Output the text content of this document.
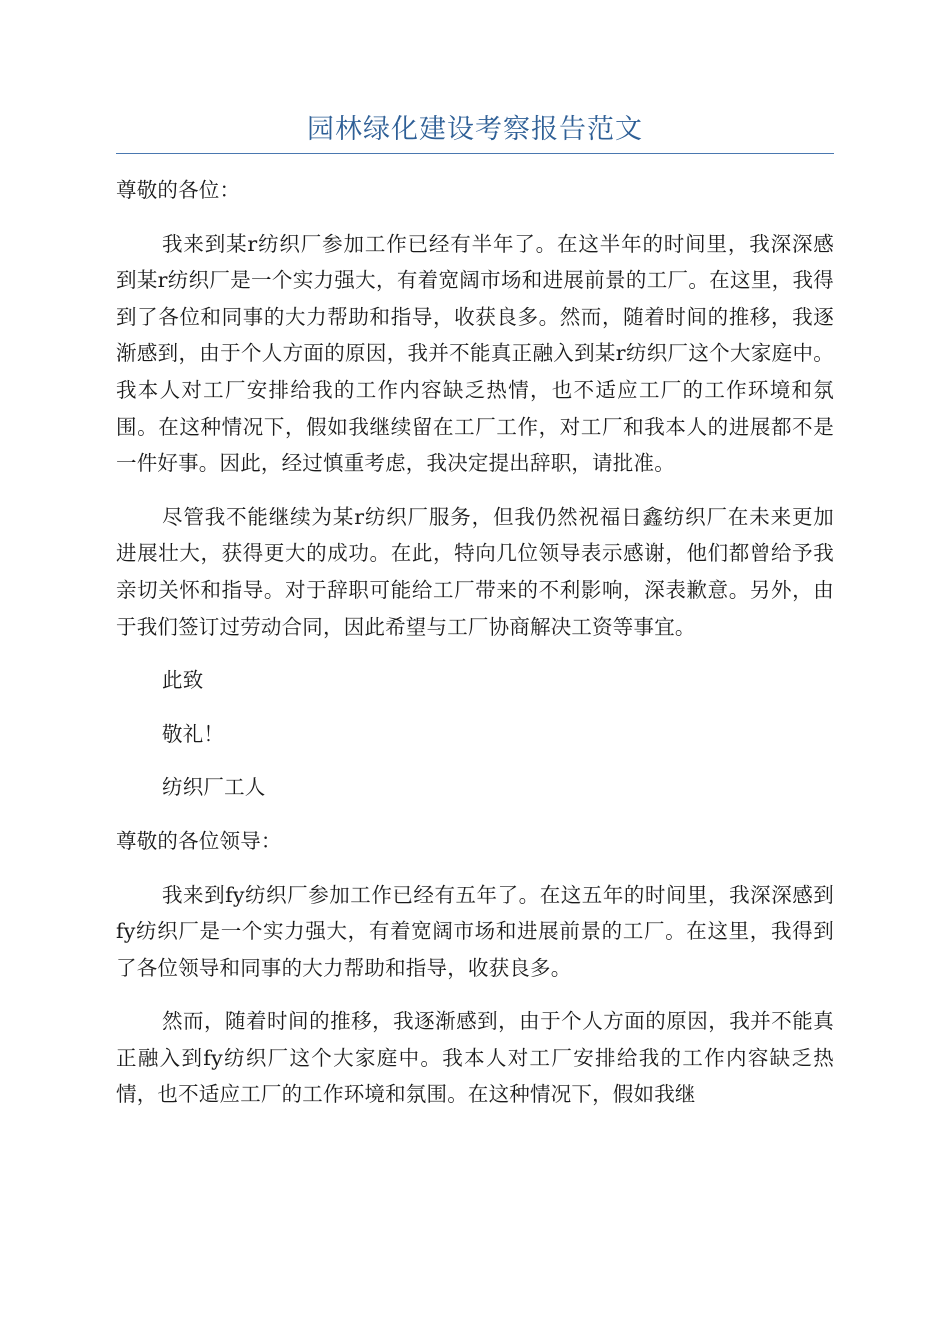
园林绿化建设考察报告范文

尊敬的各位：

我来到某r纺织厂参加工作已经有半年了。在这半年的时间里，我深深感到某r纺织厂是一个实力强大，有着宽阔市场和进展前景的工厂。在这里，我得到了各位和同事的大力帮助和指导，收获良多。然而，随着时间的推移，我逐渐感到，由于个人方面的原因，我并不能真正融入到某r纺织厂这个大家庭中。我本人对工厂安排给我的工作内容缺乏热情，也不适应工厂的工作环境和氛围。在这种情况下，假如我继续留在工厂工作，对工厂和我本人的进展都不是一件好事。因此，经过慎重考虑，我决定提出辞职，请批准。

尽管我不能继续为某r纺织厂服务，但我仍然祝福日鑫纺织厂在未来更加进展壮大，获得更大的成功。在此，特向几位领导表示感谢，他们都曾给予我亲切关怀和指导。对于辞职可能给工厂带来的不利影响，深表歉意。另外，由于我们签订过劳动合同，因此希望与工厂协商解决工资等事宜。

此致

敬礼！

纺织厂工人

尊敬的各位领导：

我来到fy纺织厂参加工作已经有五年了。在这五年的时间里，我深深感到fy纺织厂是一个实力强大，有着宽阔市场和进展前景的工厂。在这里，我得到了各位领导和同事的大力帮助和指导，收获良多。

然而，随着时间的推移，我逐渐感到，由于个人方面的原因，我并不能真正融入到fy纺织厂这个大家庭中。我本人对工厂安排给我的工作内容缺乏热情，也不适应工厂的工作环境和氛围。在这种情况下，假如我继
